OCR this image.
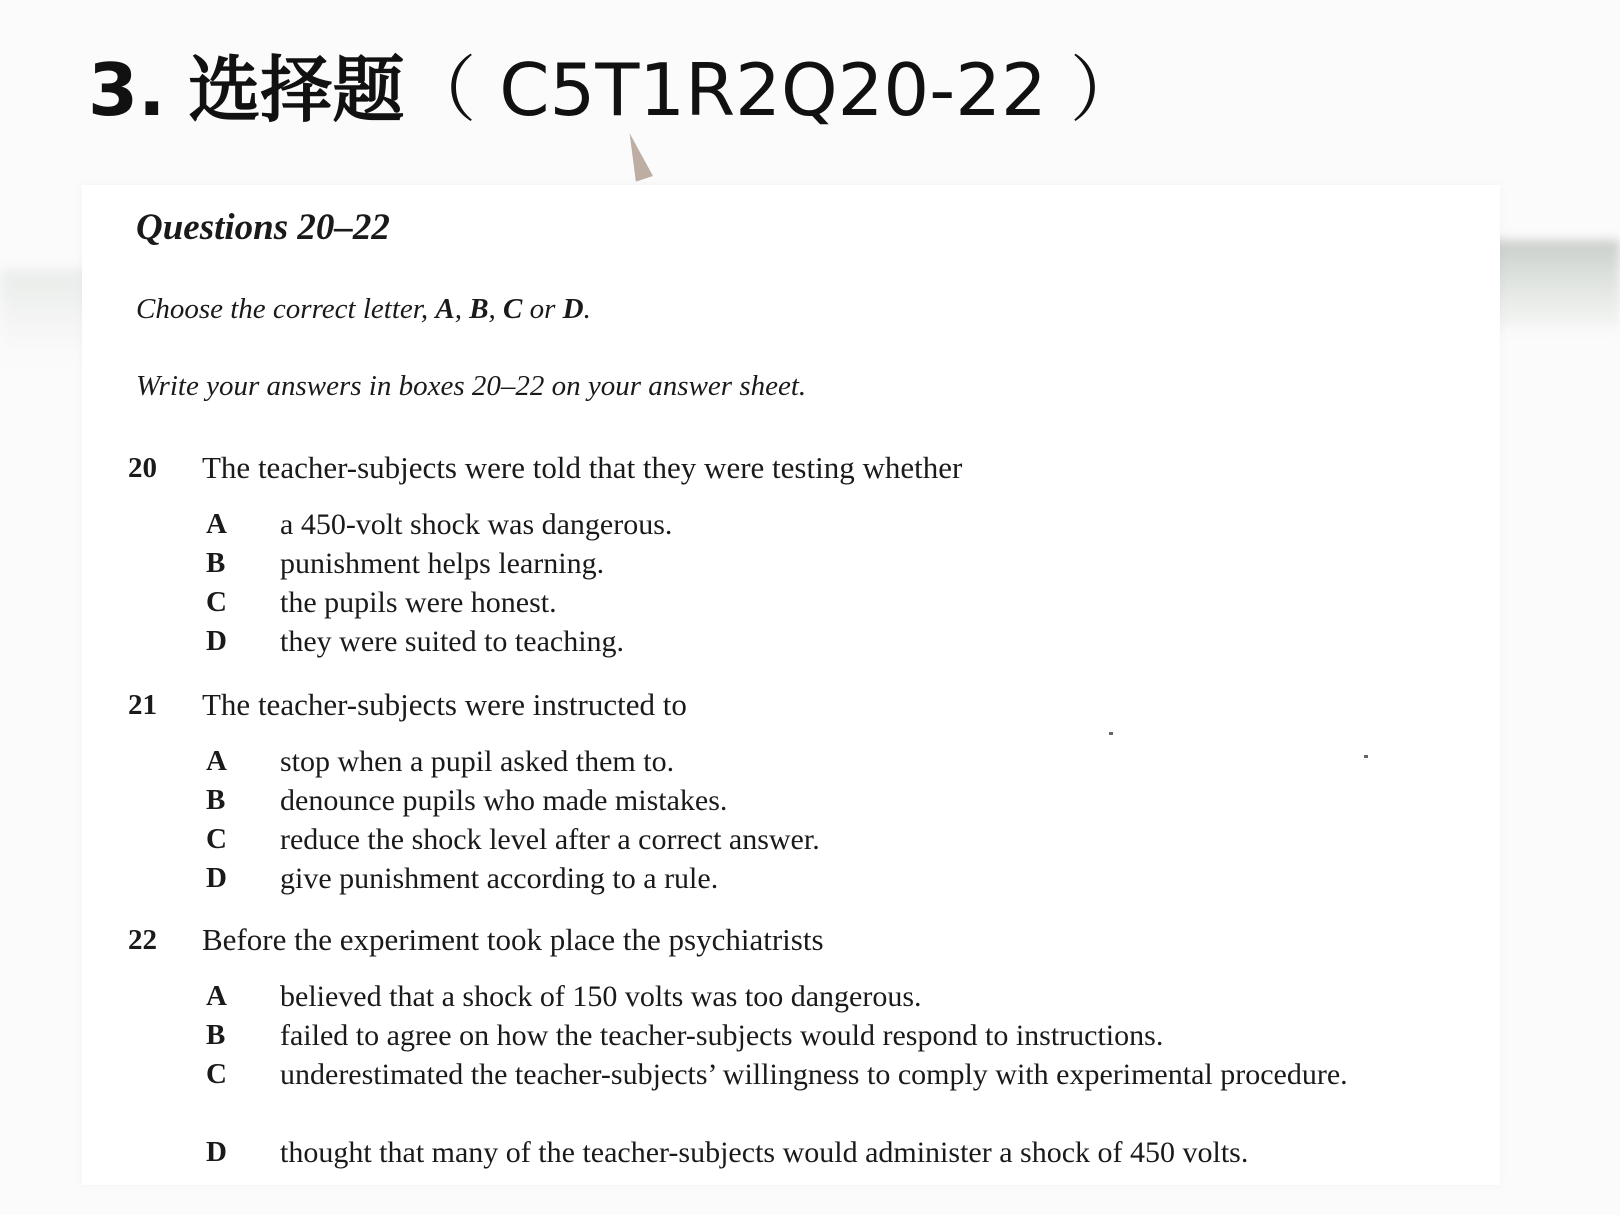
3. 选择题（ C5T1R2Q20-22 ）
Questions 20–22

Choose the correct letter, A, B, C or D.

Write your answers in boxes 20–22 on your answer sheet.

20 The teacher-subjects were told that they were testing whether
A a 450-volt shock was dangerous.
B punishment helps learning.
C the pupils were honest.
D they were suited to teaching.
21 The teacher-subjects were instructed to
A stop when a pupil asked them to.
B denounce pupils who made mistakes.
C reduce the shock level after a correct answer.
D give punishment according to a rule.
22 Before the experiment took place the psychiatrists
A believed that a shock of 150 volts was too dangerous.
B failed to agree on how the teacher-subjects would respond to instructions.
C underestimated the teacher-subjects’ willingness to comply with experimental procedure.
D thought that many of the teacher-subjects would administer a shock of 450 volts.
